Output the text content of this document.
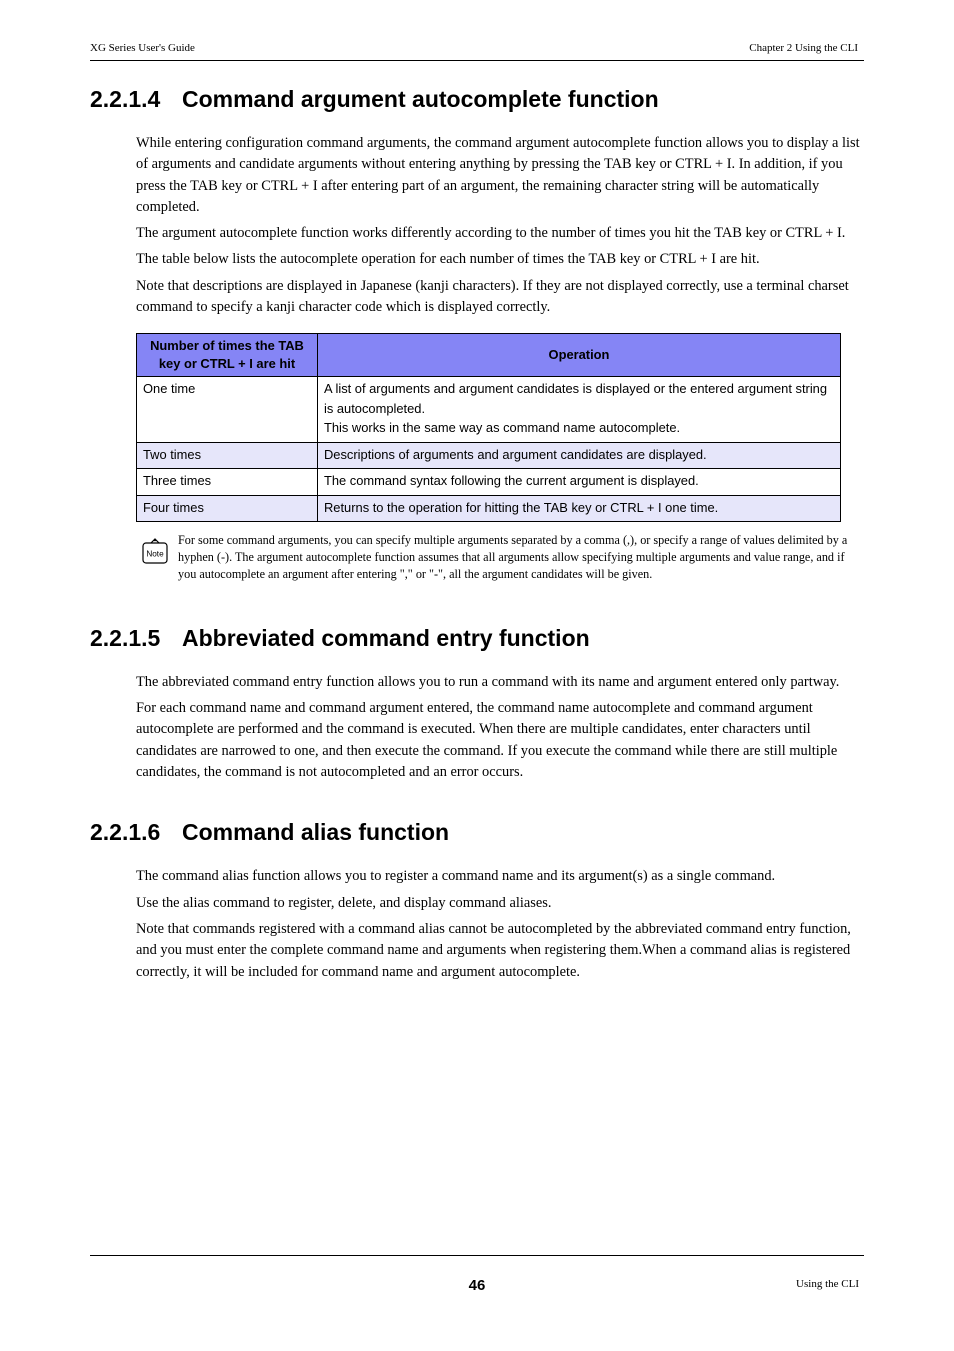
XG Series User's Guide	Chapter 2 Using the CLI
2.2.1.4 Command argument autocomplete function

While entering configuration command arguments, the command argument autocomplete function allows you to display a list of arguments and candidate arguments without entering anything by pressing the TAB key or CTRL + I. In addition, if you press the TAB key or CTRL + I after entering part of an argument, the remaining character string will be automatically completed.

The argument autocomplete function works differently according to the number of times you hit the TAB key or CTRL + I.

The table below lists the autocomplete operation for each number of times the TAB key or CTRL + I are hit.

Note that descriptions are displayed in Japanese (kanji characters). If they are not displayed correctly, use a terminal charset command to specify a kanji character code which is displayed correctly.

Number of times the TAB key or CTRL + I are hit	Operation
One time	A list of arguments and argument candidates is displayed or the entered argument string is autocompleted.
This works in the same way as command name autocomplete.

Two times	Descriptions of arguments and argument candidates are displayed.
Three times	The command syntax following the current argument is displayed.
Four times	Returns to the operation for hitting the TAB key or CTRL + I one time.
Note

For some command arguments, you can specify multiple arguments separated by a comma (,), or specify a range of values delimited by a hyphen (-). The argument autocomplete function assumes that all arguments allow specifying multiple arguments and value range, and if you autocomplete an argument after entering "," or "-", all the argument candidates will be given.

2.2.1.5 Abbreviated command entry function

The abbreviated command entry function allows you to run a command with its name and argument entered only partway.

For each command name and command argument entered, the command name autocomplete and command argument autocomplete are performed and the command is executed. When there are multiple candidates, enter characters until candidates are narrowed to one, and then execute the command. If you execute the command while there are still multiple candidates, the command is not autocompleted and an error occurs.

2.2.1.6 Command alias function

The command alias function allows you to register a command name and its argument(s) as a single command.

Use the alias command to register, delete, and display command aliases.

Note that commands registered with a command alias cannot be autocompleted by the abbreviated command entry function, and you must enter the complete command name and arguments when registering them.When a command alias is registered correctly, it will be included for command name and argument autocomplete.

46	Using the CLI
